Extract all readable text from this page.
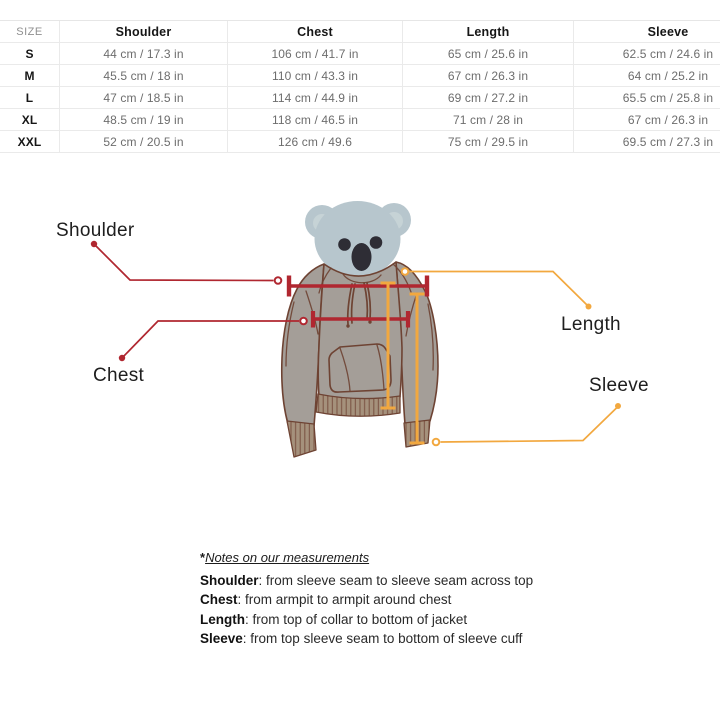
SIZE	Shoulder	Chest	Length	Sleeve
S	44 cm / 17.3 in	106 cm / 41.7 in	65 cm / 25.6 in	62.5 cm / 24.6 in
M	45.5 cm / 18 in	110 cm / 43.3 in	67 cm / 26.3 in	64 cm / 25.2 in
L	47 cm / 18.5 in	114 cm / 44.9 in	69 cm / 27.2 in	65.5 cm / 25.8 in
XL	48.5 cm / 19 in	118 cm / 46.5 in	71 cm / 28 in	67 cm / 26.3 in
XXL	52 cm / 20.5 in	126 cm / 49.6	75 cm / 29.5 in	69.5 cm / 27.3 in
Shoulder
Chest
Length
Sleeve
*Notes on our measurements
Shoulder: from sleeve seam to sleeve seam across top
Chest: from armpit to armpit around chest
Length: from top of collar to bottom of jacket
Sleeve: from top sleeve seam to bottom of sleeve cuff
